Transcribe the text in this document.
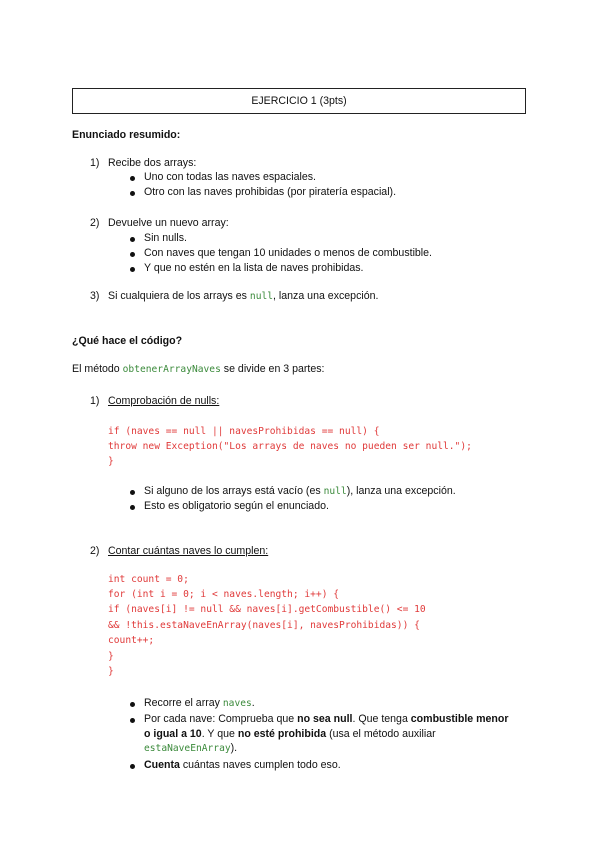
EJERCICIO 1 (3pts)
Enunciado resumido:
1) Recibe dos arrays:
Uno con todas las naves espaciales.
Otro con las naves prohibidas (por piratería espacial).
2) Devuelve un nuevo array:
Sin nulls.
Con naves que tengan 10 unidades o menos de combustible.
Y que no estén en la lista de naves prohibidas.
3) Si cualquiera de los arrays es null, lanza una excepción.
¿Qué hace el código?
El método obtenerArrayNaves se divide en 3 partes:
1) Comprobación de nulls:
if (naves == null || navesProhibidas == null) {
throw new Exception("Los arrays de naves no pueden ser null.");
}
Si alguno de los arrays está vacío (es null), lanza una excepción.
Esto es obligatorio según el enunciado.
2) Contar cuántas naves lo cumplen:
int count = 0;
for (int i = 0; i < naves.length; i++) {
if (naves[i] != null && naves[i].getCombustible() <= 10
&& !this.estaNaveEnArray(naves[i], navesProhibidas)) {
count++;
}
}
Recorre el array naves.
Por cada nave: Comprueba que no sea null. Que tenga combustible menor
o igual a 10. Y que no esté prohibida (usa el método auxiliar
estaNaveEnArray).
Cuenta cuántas naves cumplen todo eso.
